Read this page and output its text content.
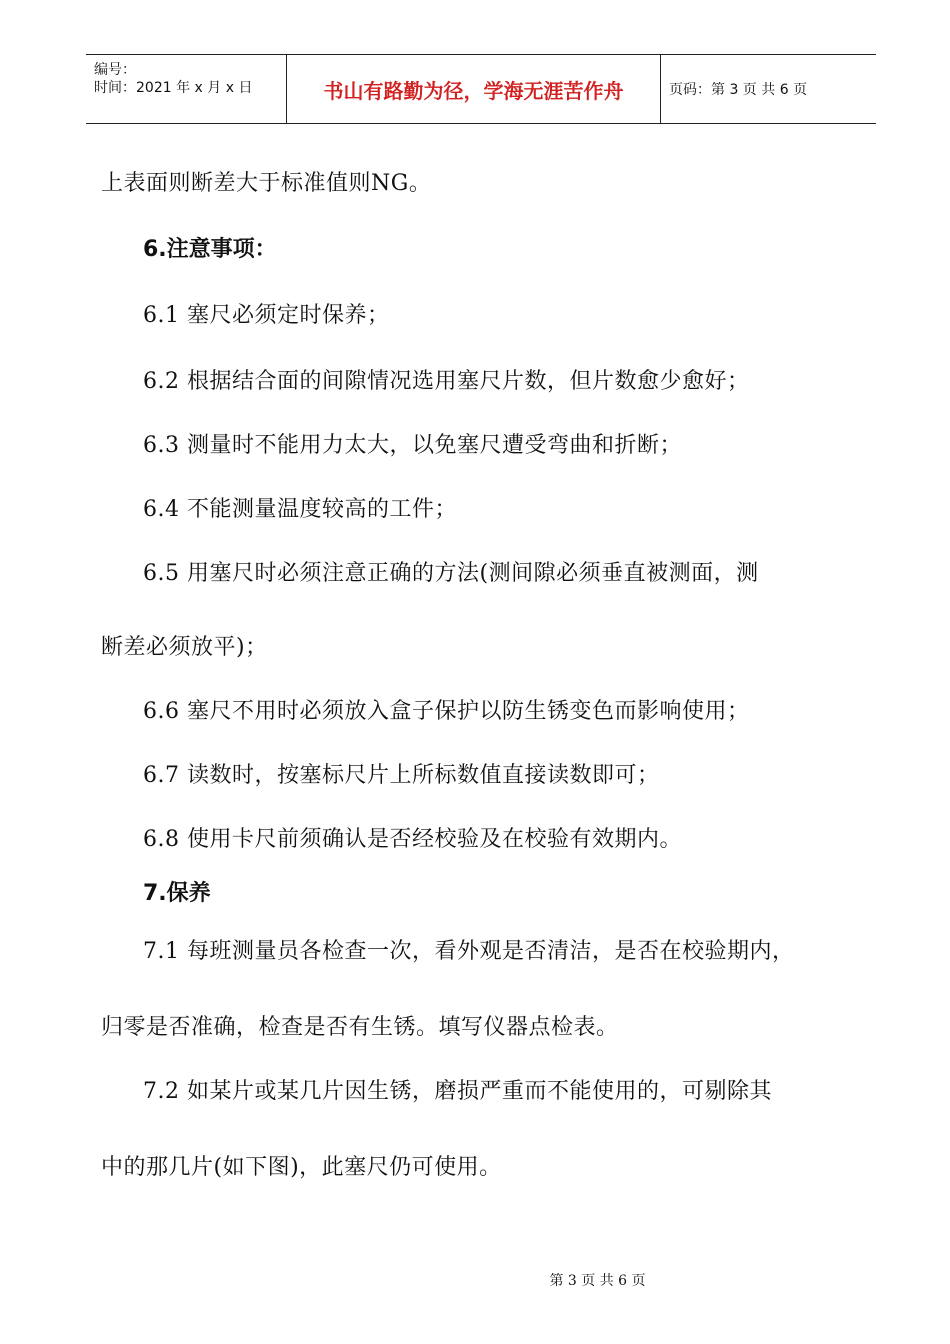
编号：
时间：2021 年 x 月 x 日	书山有路勤为径，学海无涯苦作舟	页码：第 3 页 共 6 页
上表面则断差大于标准值则NG。
6.注意事项：
6.1 塞尺必须定时保养；
6.2 根据结合面的间隙情况选用塞尺片数，但片数愈少愈好；
6.3 测量时不能用力太大，以免塞尺遭受弯曲和折断；
6.4 不能测量温度较高的工件；
6.5 用塞尺时必须注意正确的方法(测间隙必须垂直被测面，测
断差必须放平)；
6.6 塞尺不用时必须放入盒子保护以防生锈变色而影响使用；
6.7 读数时，按塞标尺片上所标数值直接读数即可；
6.8 使用卡尺前须确认是否经校验及在校验有效期内。
7.保养
7.1 每班测量员各检查一次，看外观是否清洁，是否在校验期内，
归零是否准确，检查是否有生锈。填写仪器点检表。
7.2 如某片或某几片因生锈，磨损严重而不能使用的，可剔除其
中的那几片(如下图)，此塞尺仍可使用。
第 3 页 共 6 页
